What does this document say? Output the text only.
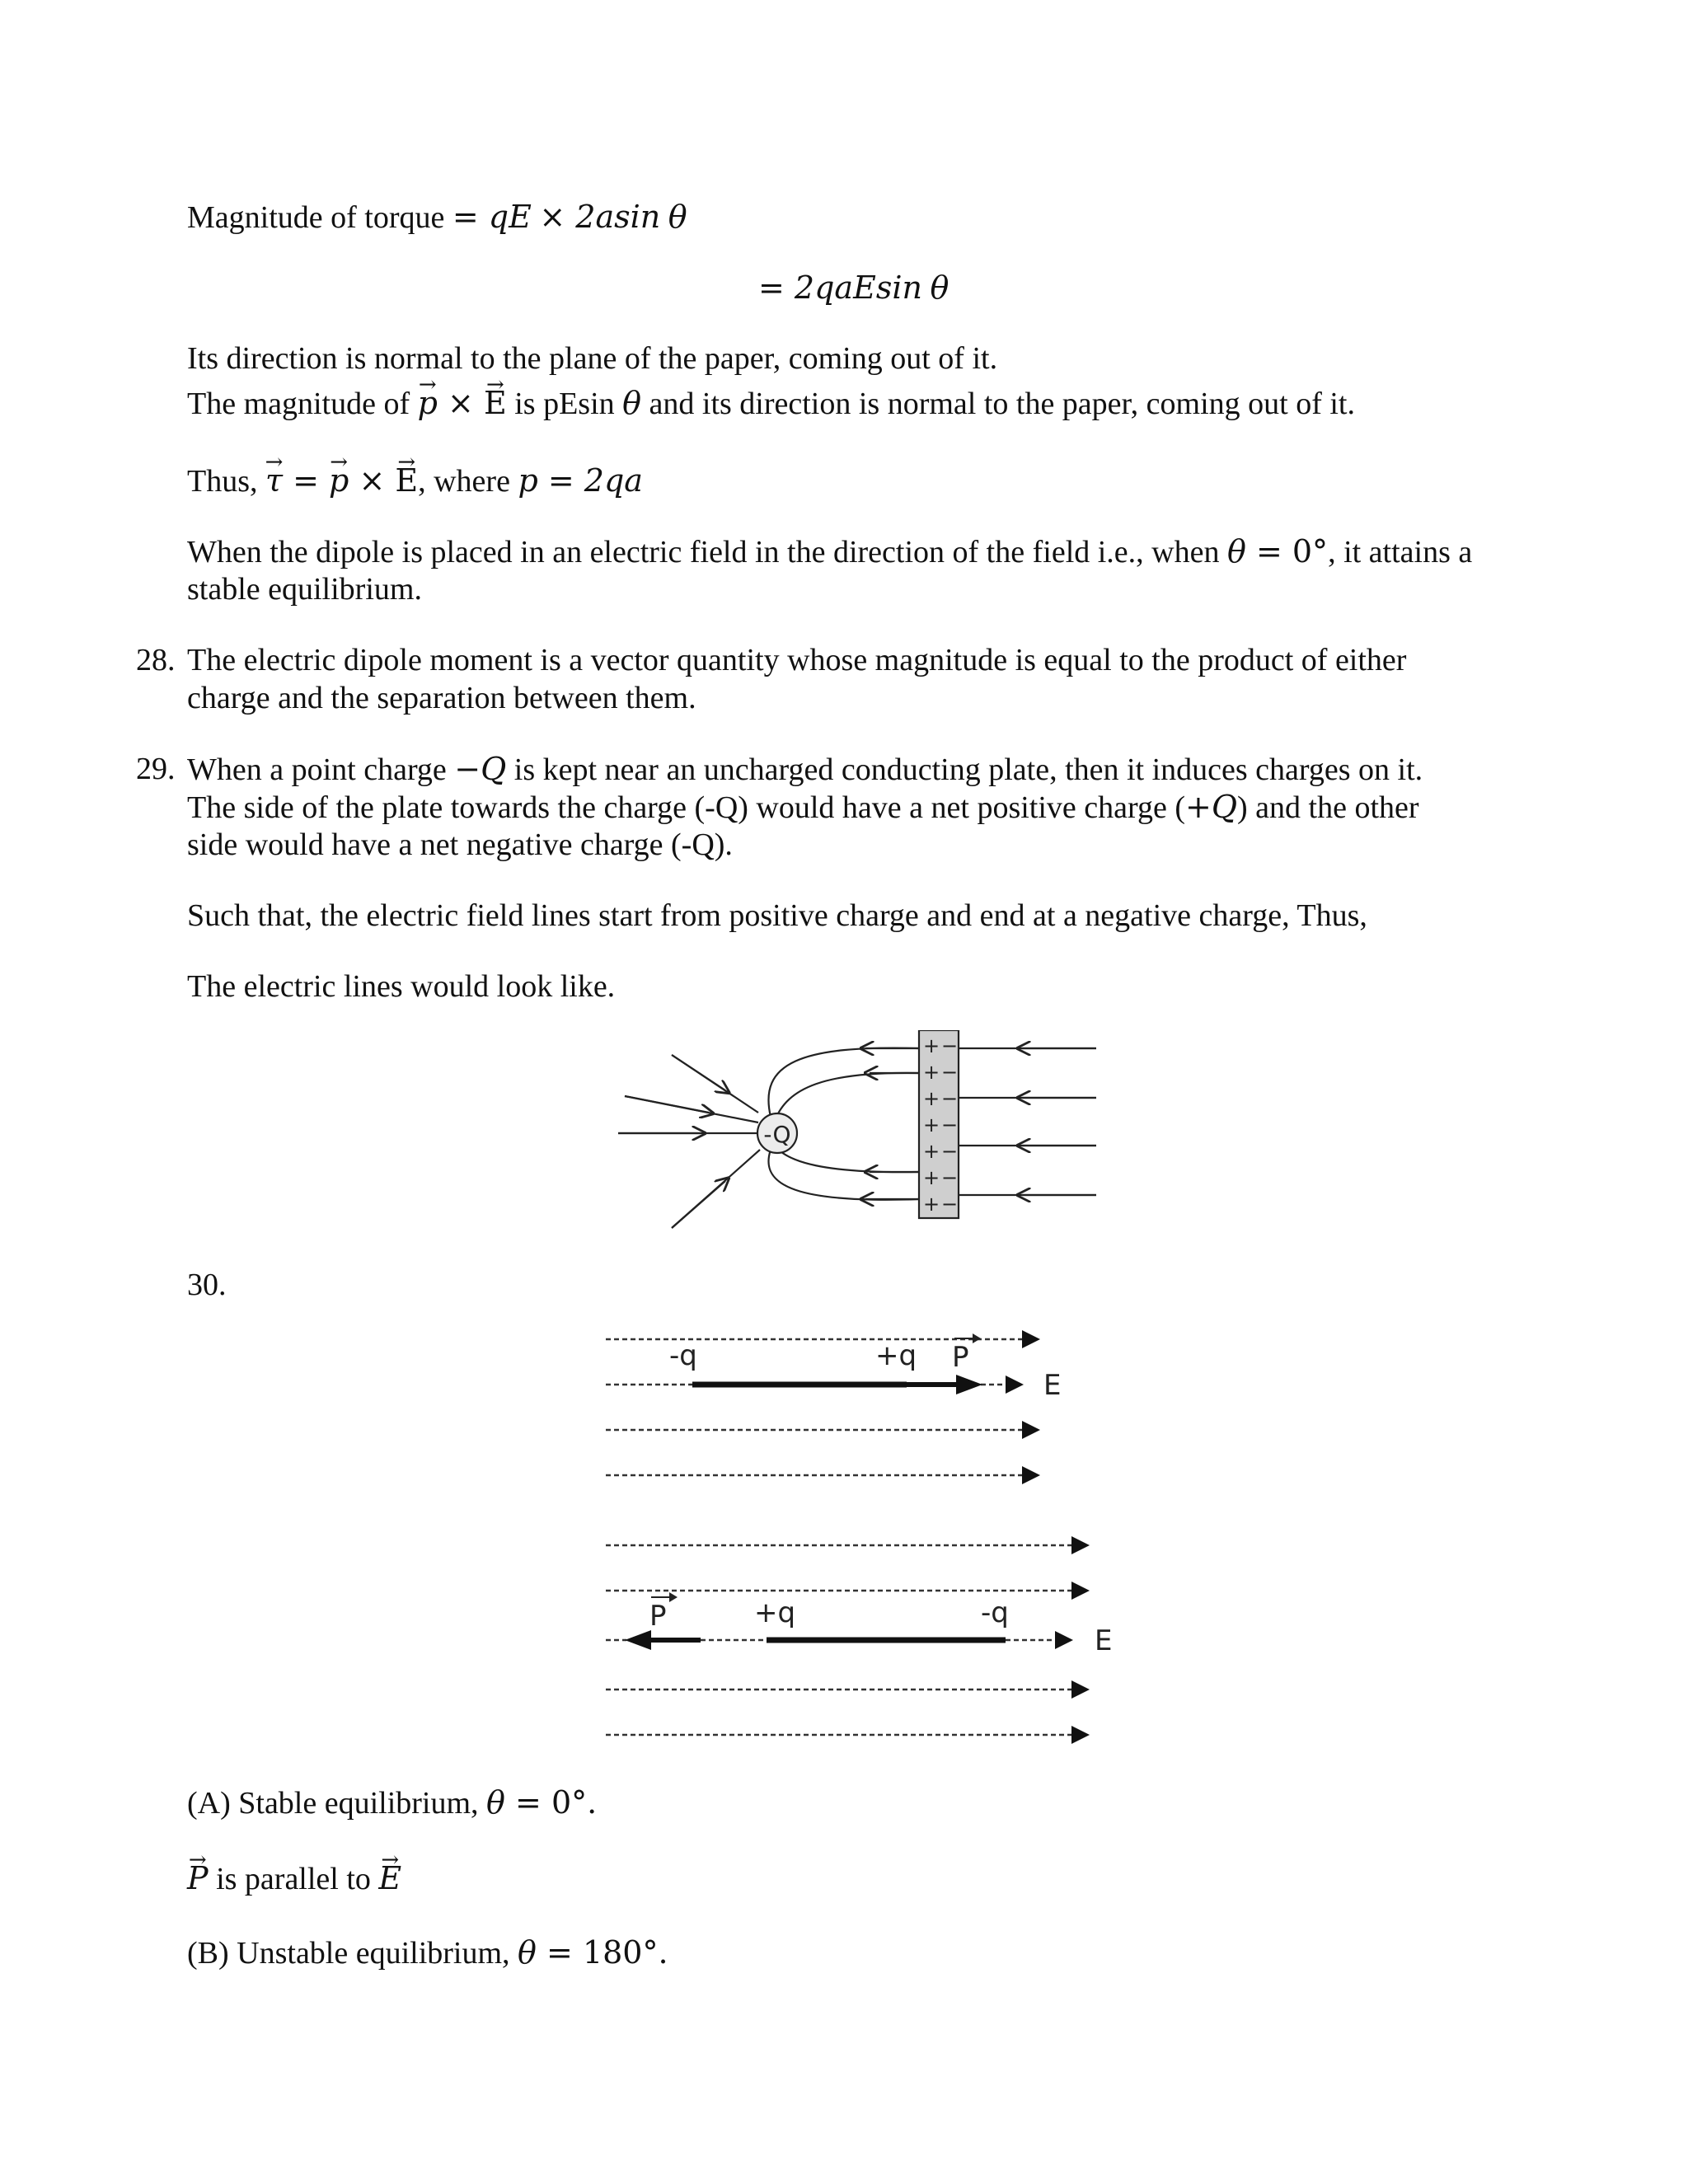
Magnitude of torque = qE × 2asin θ
= 2qaEsin θ
Its direction is normal to the plane of the paper, coming out of it.
The magnitude of → p × → E is pEsin θ and its direction is normal to the paper, coming out of it.
Thus, → τ = → p × → E, where p = 2qa
When the dipole is placed in an electric field in the direction of the field i.e., when θ = 0°, it attains a
stable equilibrium.
28. The electric dipole moment is a vector quantity whose magnitude is equal to the product of either
charge and the separation between them.
29. When a point charge −Q is kept near an uncharged conducting plate, then it induces charges on it.
The side of the plate towards the charge (-Q) would have a net positive charge (+Q) and the other
side would have a net negative charge (-Q).
Such that, the electric field lines start from positive charge and end at a negative charge, Thus,
The electric lines would look like.
-Q
+
+
+
+
+
+
+
−
−
−
−
−
−
−
30.
-q	+q P
E
P	+q	-q
E
(A) Stable equilibrium, θ = 0°.
→ P is parallel to → E
(B) Unstable equilibrium, θ = 180°.
